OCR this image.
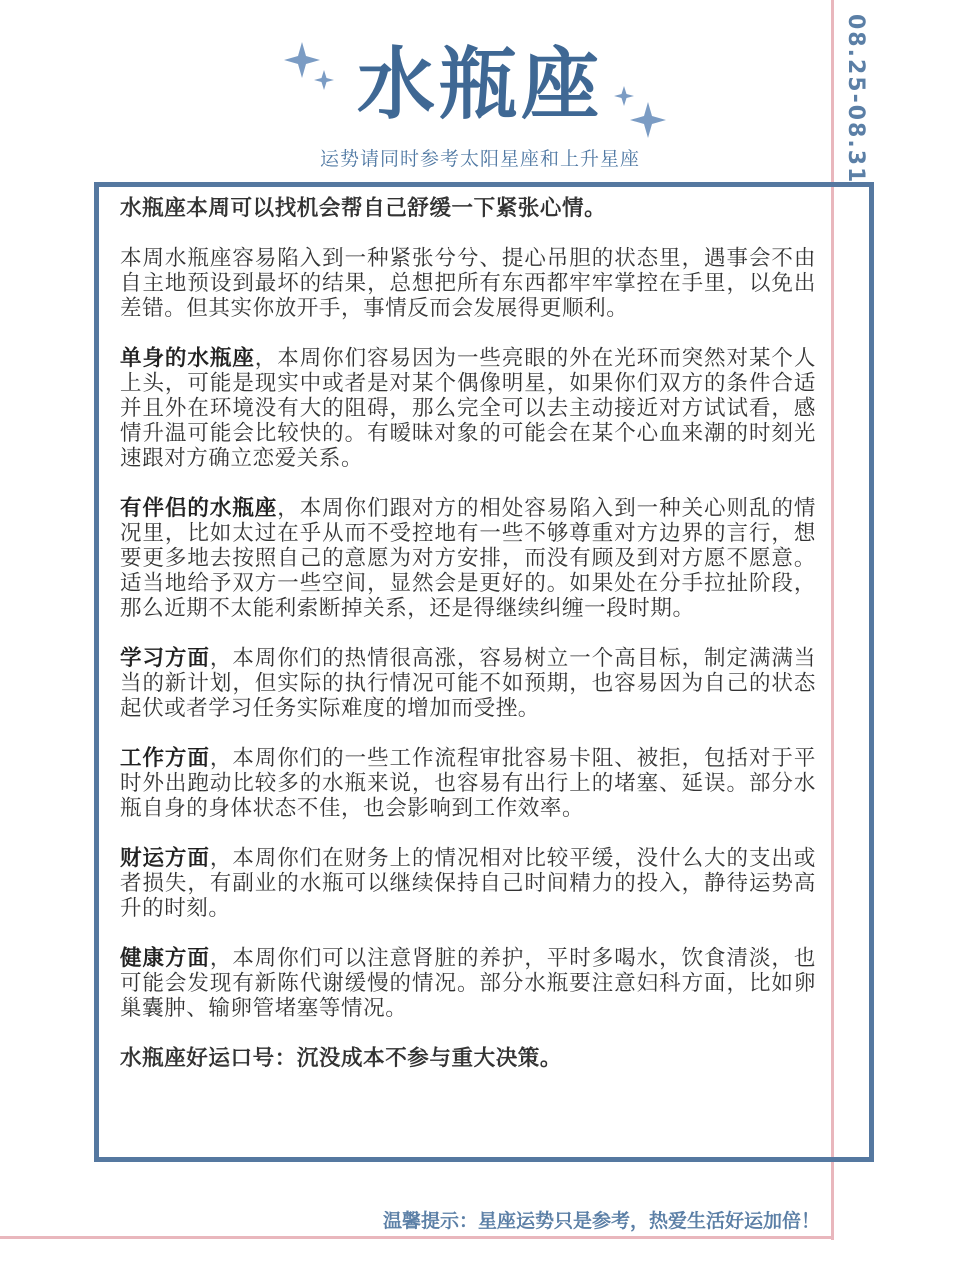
08.25-08.31
水瓶座
运势请同时参考太阳星座和上升星座

水瓶座本周可以找机会帮自己舒缓一下紧张心情。

本周水瓶座容易陷入到一种紧张兮兮、提心吊胆的状态里，遇事会不由自主地预设到最坏的结果，总想把所有东西都牢牢掌控在手里，以免出差错。但其实你放开手，事情反而会发展得更顺利。

单身的水瓶座，本周你们容易因为一些亮眼的外在光环而突然对某个人上头，可能是现实中或者是对某个偶像明星，如果你们双方的条件合适并且外在环境没有大的阻碍，那么完全可以去主动接近对方试试看，感情升温可能会比较快的。有暧昧对象的可能会在某个心血来潮的时刻光速跟对方确立恋爱关系。

有伴侣的水瓶座，本周你们跟对方的相处容易陷入到一种关心则乱的情况里，比如太过在乎从而不受控地有一些不够尊重对方边界的言行，想要更多地去按照自己的意愿为对方安排，而没有顾及到对方愿不愿意。适当地给予双方一些空间，显然会是更好的。如果处在分手拉扯阶段，那么近期不太能利索断掉关系，还是得继续纠缠一段时期。

学习方面，本周你们的热情很高涨，容易树立一个高目标，制定满满当当的新计划，但实际的执行情况可能不如预期，也容易因为自己的状态起伏或者学习任务实际难度的增加而受挫。

工作方面，本周你们的一些工作流程审批容易卡阻、被拒，包括对于平时外出跑动比较多的水瓶来说，也容易有出行上的堵塞、延误。部分水瓶自身的身体状态不佳，也会影响到工作效率。

财运方面，本周你们在财务上的情况相对比较平缓，没什么大的支出或者损失，有副业的水瓶可以继续保持自己时间精力的投入，静待运势高升的时刻。

健康方面，本周你们可以注意肾脏的养护，平时多喝水，饮食清淡，也可能会发现有新陈代谢缓慢的情况。部分水瓶要注意妇科方面，比如卵巢囊肿、输卵管堵塞等情况。

水瓶座好运口号：沉没成本不参与重大决策。

温馨提示：星座运势只是参考，热爱生活好运加倍！
